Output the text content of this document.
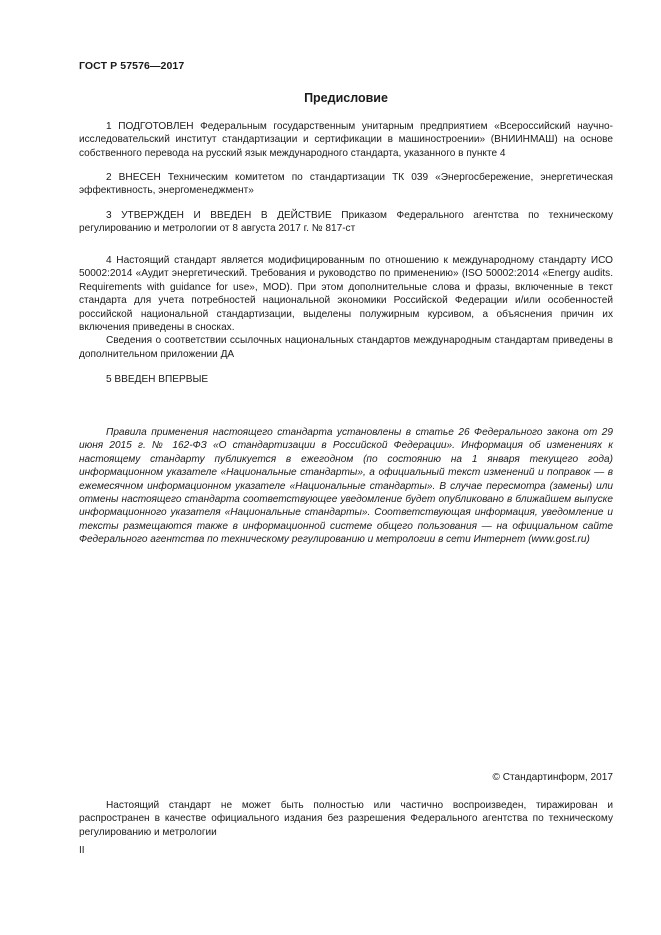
ГОСТ Р 57576—2017
Предисловие

1 ПОДГОТОВЛЕН Федеральным государственным унитарным предприятием «Всероссийский научно-исследовательский институт стандартизации и сертификации в машиностроении» (ВНИИНМАШ) на основе собственного перевода на русский язык международного стандарта, указанного в пункте 4

2 ВНЕСЕН Техническим комитетом по стандартизации ТК 039 «Энергосбережение, энергетическая эффективность, энергоменеджмент»

3 УТВЕРЖДЕН И ВВЕДЕН В ДЕЙСТВИЕ Приказом Федерального агентства по техническому регулированию и метрологии от 8 августа 2017 г. № 817-ст

4 Настоящий стандарт является модифицированным по отношению к международному стандарту ИСО 50002:2014 «Аудит энергетический. Требования и руководство по применению» (ISO 50002:2014 «Energy audits. Requirements with guidance for use», MOD). При этом дополнительные слова и фразы, включенные в текст стандарта для учета потребностей национальной экономики Российской Федерации и/или особенностей российской национальной стандартизации, выделены полужирным курсивом, а объяснения причин их включения приведены в сносках.

Сведения о соответствии ссылочных национальных стандартов международным стандартам приведены в дополнительном приложении ДА

5 ВВЕДЕН ВПЕРВЫЕ

Правила применения настоящего стандарта установлены в статье 26 Федерального закона от 29 июня 2015 г. № 162-ФЗ «О стандартизации в Российской Федерации». Информация об изменениях к настоящему стандарту публикуется в ежегодном (по состоянию на 1 января текущего года) информационном указателе «Национальные стандарты», а официальный текст изменений и поправок — в ежемесячном информационном указателе «Национальные стандарты». В случае пересмотра (замены) или отмены настоящего стандарта соответствующее уведомление будет опубликовано в ближайшем выпуске информационного указателя «Национальные стандарты». Соответствующая информация, уведомление и тексты размещаются также в информационной системе общего пользования — на официальном сайте Федерального агентства по техническому регулированию и метрологии в сети Интернет (www.gost.ru)

© Стандартинформ, 2017

Настоящий стандарт не может быть полностью или частично воспроизведен, тиражирован и распространен в качестве официального издания без разрешения Федерального агентства по техническому регулированию и метрологии

II
